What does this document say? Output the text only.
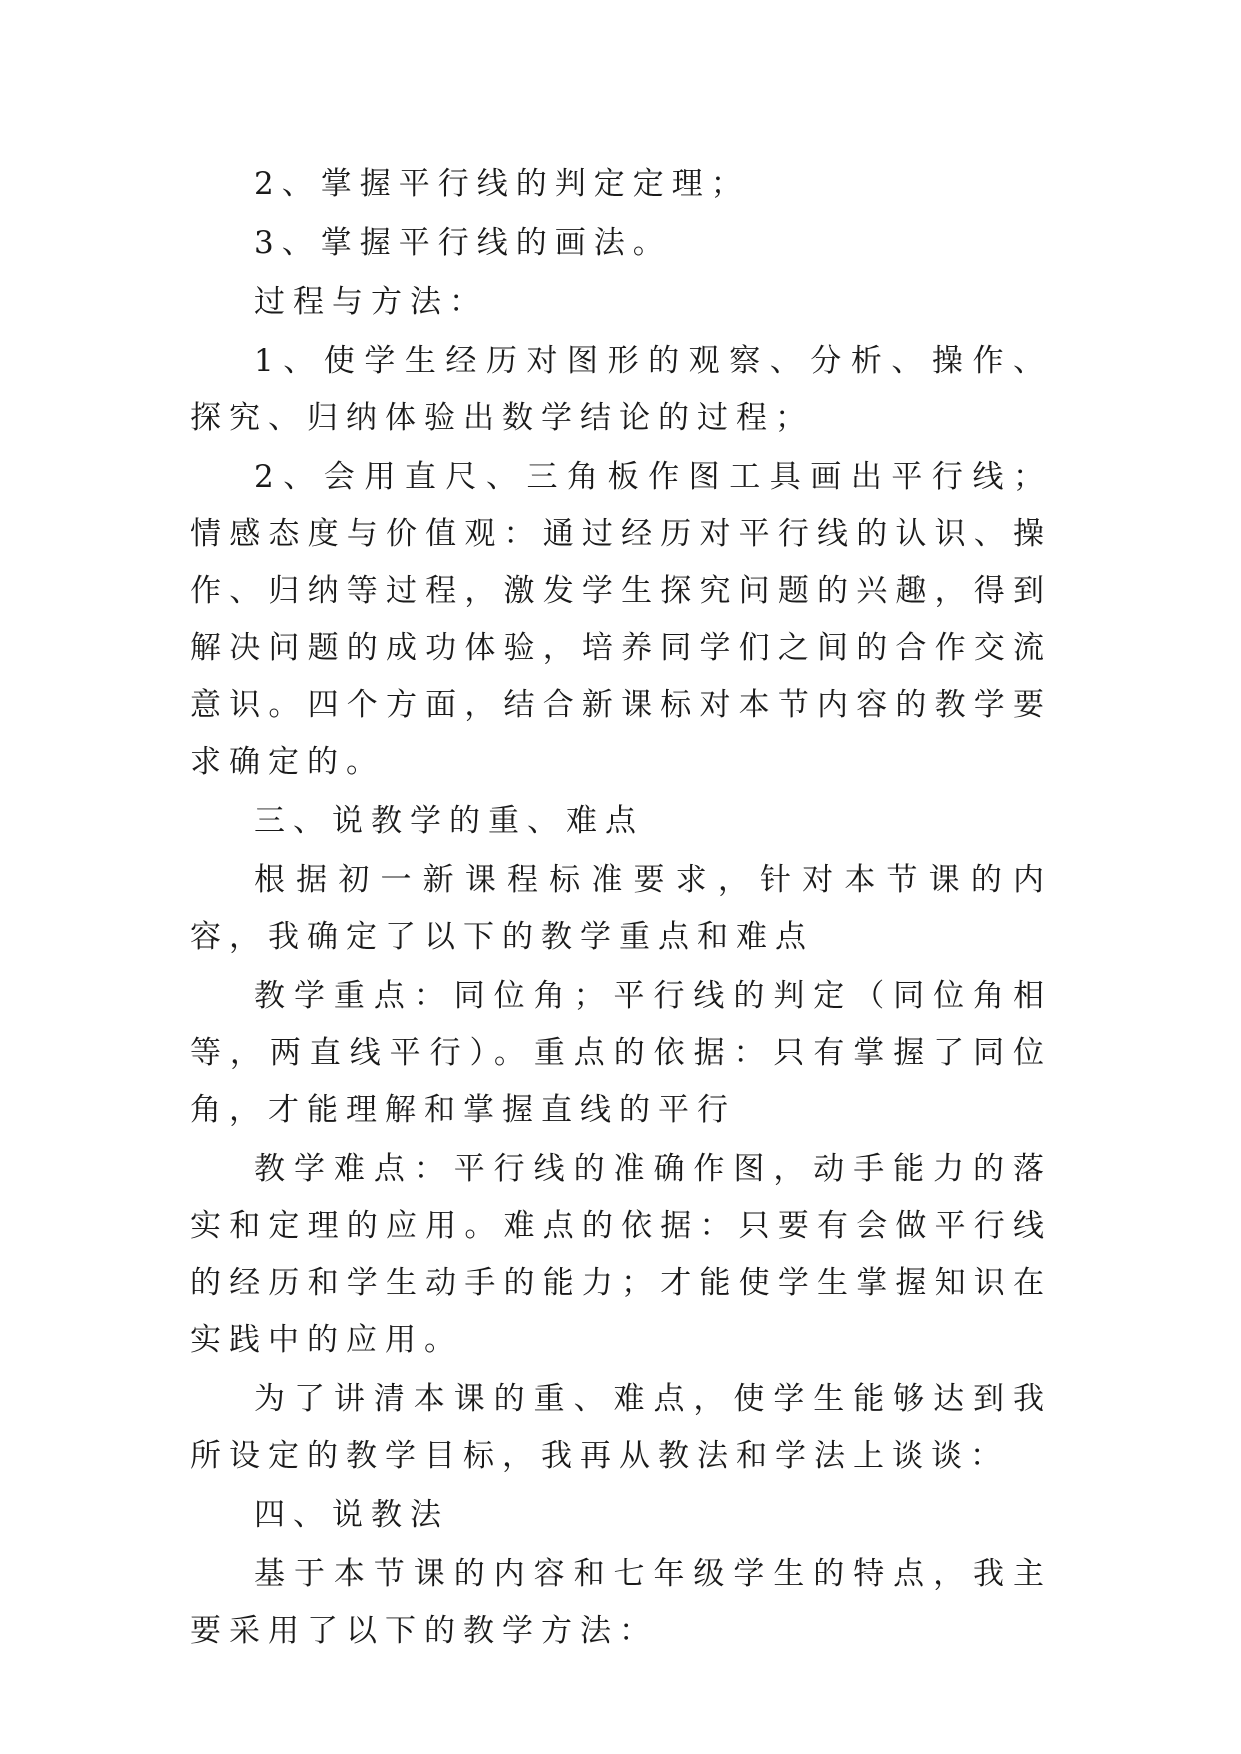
2、掌握平行线的判定定理；

3、掌握平行线的画法。

过程与方法：

1、使学生经历对图形的观察、分析、操作、探究、归纳体验出数学结论的过程；

2、会用直尺、三角板作图工具画出平行线；情感态度与价值观：通过经历对平行线的认识、操作、归纳等过程，激发学生探究问题的兴趣，得到解决问题的成功体验，培养同学们之间的合作交流意识。四个方面，结合新课标对本节内容的教学要求确定的。

三、说教学的重、难点

根据初一新课程标准要求，针对本节课的内容，我确定了以下的教学重点和难点

教学重点：同位角；平行线的判定（同位角相等，两直线平行）。重点的依据：只有掌握了同位角，才能理解和掌握直线的平行

教学难点：平行线的准确作图，动手能力的落实和定理的应用。难点的依据：只要有会做平行线的经历和学生动手的能力；才能使学生掌握知识在实践中的应用。

为了讲清本课的重、难点，使学生能够达到我所设定的教学目标，我再从教法和学法上谈谈：

四、说教法

基于本节课的内容和七年级学生的特点，我主要采用了以下的教学方法：
